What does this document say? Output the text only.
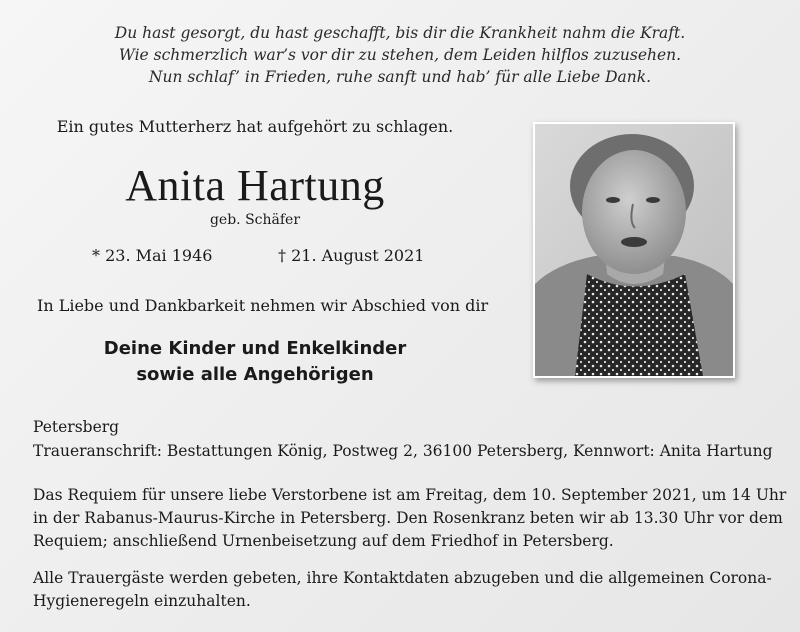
Du hast gesorgt, du hast geschafft, bis dir die Krankheit nahm die Kraft.
Wie schmerzlich war’s vor dir zu stehen, dem Leiden hilflos zuzusehen.
Nun schlaf’ in Frieden, ruhe sanft und hab’ für alle Liebe Dank.
Ein gutes Mutterherz hat aufgehört zu schlagen.
Anita Hartung
geb. Schäfer
* 23. Mai 1946	† 21. August 2021
In Liebe und Dankbarkeit nehmen wir Abschied von dir
Deine Kinder und Enkelkinder
sowie alle Angehörigen
Petersberg
Traueranschrift: Bestattungen König, Postweg 2, 36100 Petersberg, Kennwort: Anita Hartung
Das Requiem für unsere liebe Verstorbene ist am Freitag, dem 10. September 2021, um 14 Uhr
in der Rabanus-Maurus-Kirche in Petersberg. Den Rosenkranz beten wir ab 13.30 Uhr vor dem
Requiem; anschließend Urnenbeisetzung auf dem Friedhof in Petersberg.
Alle Trauergäste werden gebeten, ihre Kontaktdaten abzugeben und die allgemeinen Corona-
Hygieneregeln einzuhalten.
